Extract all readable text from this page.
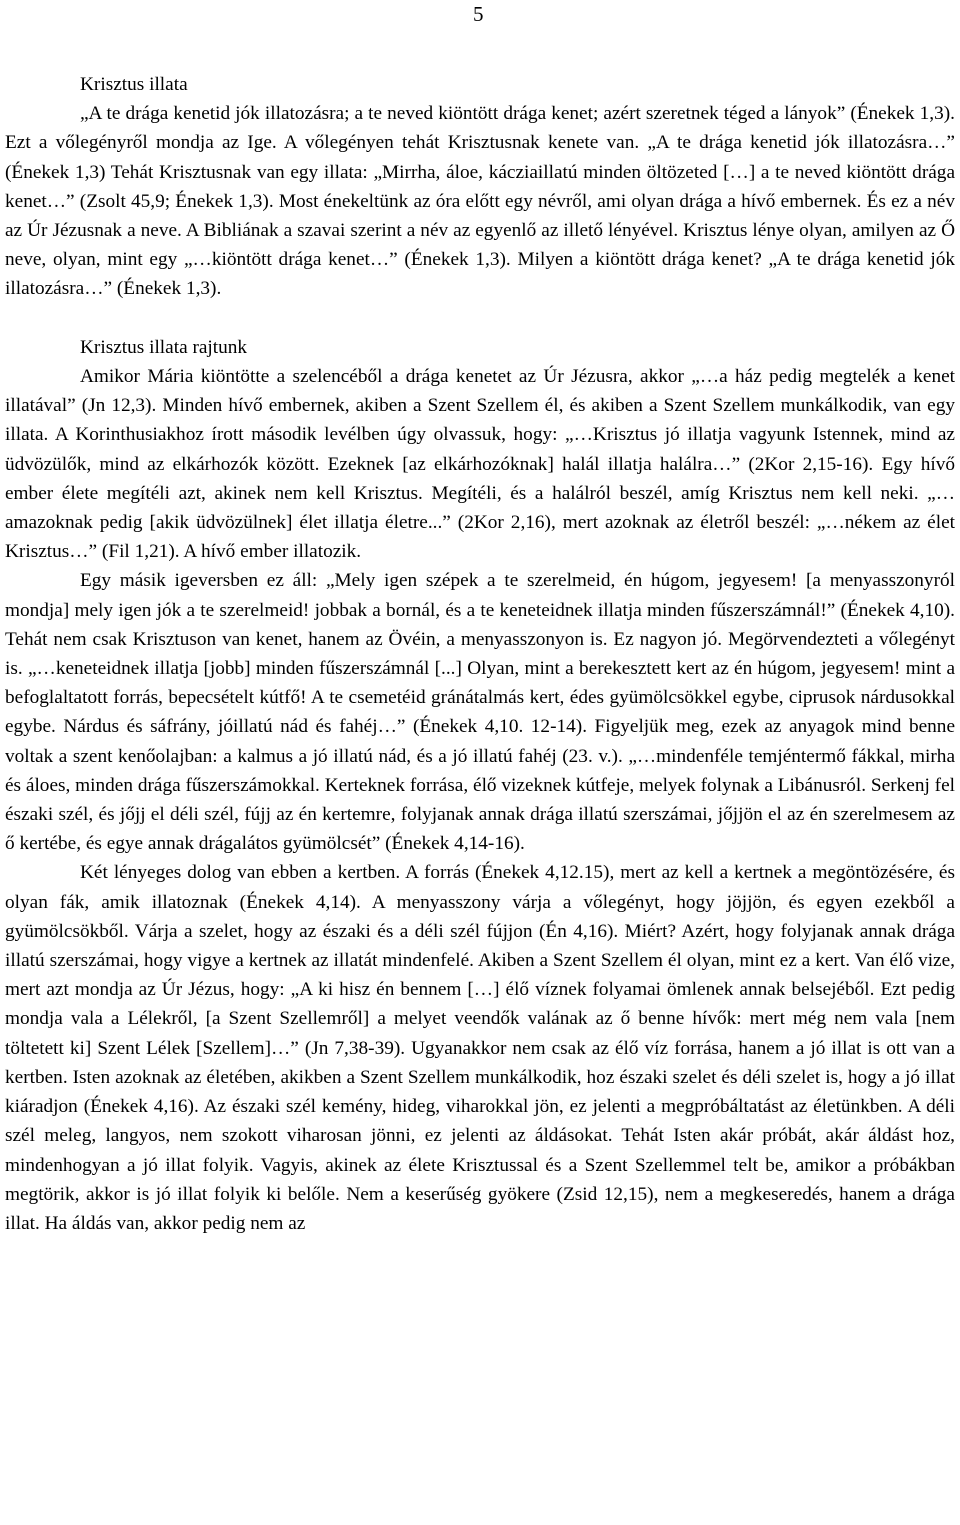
5
Krisztus illata

„A te drága kenetid jók illatozásra; a te neved kiöntött drága kenet; azért szeretnek téged a lányok” (Énekek 1,3). Ezt a vőlegényről mondja az Ige. A vőlegényen tehát Krisztusnak kenete van. „A te drága kenetid jók illatozásra…” (Énekek 1,3) Tehát Krisztusnak van egy illata: „Mirrha, áloe, kácziaillatú minden öltözeted […] a te neved kiöntött drága kenet…” (Zsolt 45,9; Énekek 1,3). Most énekeltünk az óra előtt egy névről, ami olyan drága a hívő embernek. És ez a név az Úr Jézusnak a neve. A Bibliának a szavai szerint a név az egyenlő az illető lényével. Krisztus lénye olyan, amilyen az Ő neve, olyan, mint egy „…kiöntött drága kenet…” (Énekek 1,3). Milyen a kiöntött drága kenet? „A te drága kenetid jók illatozásra…” (Énekek 1,3).

Krisztus illata rajtunk

Amikor Mária kiöntötte a szelencéből a drága kenetet az Úr Jézusra, akkor „…a ház pedig megtelék a kenet illatával” (Jn 12,3). Minden hívő embernek, akiben a Szent Szellem él, és akiben a Szent Szellem munkálkodik, van egy illata. A Korinthusiakhoz írott második levélben úgy olvassuk, hogy: „…Krisztus jó illatja vagyunk Istennek, mind az üdvözülők, mind az elkárhozók között. Ezeknek [az elkárhozóknak] halál illatja halálra…” (2Kor 2,15-16). Egy hívő ember élete megítéli azt, akinek nem kell Krisztus. Megítéli, és a halálról beszél, amíg Krisztus nem kell neki. „…amazoknak pedig [akik üdvözülnek] élet illatja életre...” (2Kor 2,16), mert azoknak az életről beszél: „…nékem az élet Krisztus…” (Fil 1,21). A hívő ember illatozik.

Egy másik igeversben ez áll: „Mely igen szépek a te szerelmeid, én húgom, jegyesem! [a menyasszonyról mondja] mely igen jók a te szerelmeid! jobbak a bornál, és a te keneteidnek illatja minden fűszerszámnál!” (Énekek 4,10). Tehát nem csak Krisztuson van kenet, hanem az Övéin, a menyasszonyon is. Ez nagyon jó. Megörvendezteti a vőlegényt is. „…keneteidnek illatja [jobb] minden fűszerszámnál [...] Olyan, mint a berekesztett kert az én húgom, jegyesem! mint a befoglaltatott forrás, bepecsételt kútfő! A te csemetéid gránátalmás kert, édes gyümölcsökkel egybe, ciprusok nárdusokkal egybe. Nárdus és sáfrány, jóillatú nád és fahéj…” (Énekek 4,10. 12-14). Figyeljük meg, ezek az anyagok mind benne voltak a szent kenőolajban: a kalmus a jó illatú nád, és a jó illatú fahéj (23. v.). „…mindenféle temjéntermő fákkal, mirha és áloes, minden drága fűszerszámokkal. Kerteknek forrása, élő vizeknek kútfeje, melyek folynak a Libánusról. Serkenj fel északi szél, és jőjj el déli szél, fújj az én kertemre, folyjanak annak drága illatú szerszámai, jőjjön el az én szerelmesem az ő kertébe, és egye annak drágalátos gyümölcsét” (Énekek 4,14-16).

Két lényeges dolog van ebben a kertben. A forrás (Énekek 4,12.15), mert az kell a kertnek a megöntözésére, és olyan fák, amik illatoznak (Énekek 4,14). A menyasszony várja a vőlegényt, hogy jöjjön, és egyen ezekből a gyümölcsökből. Várja a szelet, hogy az északi és a déli szél fújjon (Én 4,16). Miért? Azért, hogy folyjanak annak drága illatú szerszámai, hogy vigye a kertnek az illatát mindenfelé. Akiben a Szent Szellem él olyan, mint ez a kert. Van élő vize, mert azt mondja az Úr Jézus, hogy: „A ki hisz én bennem […] élő víznek folyamai ömlenek annak belsejéből. Ezt pedig mondja vala a Lélekről, [a Szent Szellemről] a melyet veendők valának az ő benne hívők: mert még nem vala [nem töltetett ki] Szent Lélek [Szellem]…” (Jn 7,38-39). Ugyanakkor nem csak az élő víz forrása, hanem a jó illat is ott van a kertben. Isten azoknak az életében, akikben a Szent Szellem munkálkodik, hoz északi szelet és déli szelet is, hogy a jó illat kiáradjon (Énekek 4,16). Az északi szél kemény, hideg, viharokkal jön, ez jelenti a megpróbáltatást az életünkben. A déli szél meleg, langyos, nem szokott viharosan jönni, ez jelenti az áldásokat. Tehát Isten akár próbát, akár áldást hoz, mindenhogyan a jó illat folyik. Vagyis, akinek az élete Krisztussal és a Szent Szellemmel telt be, amikor a próbákban megtörik, akkor is jó illat folyik ki belőle. Nem a keserűség gyökere (Zsid 12,15), nem a megkeseredés, hanem a drága illat. Ha áldás van, akkor pedig nem az
